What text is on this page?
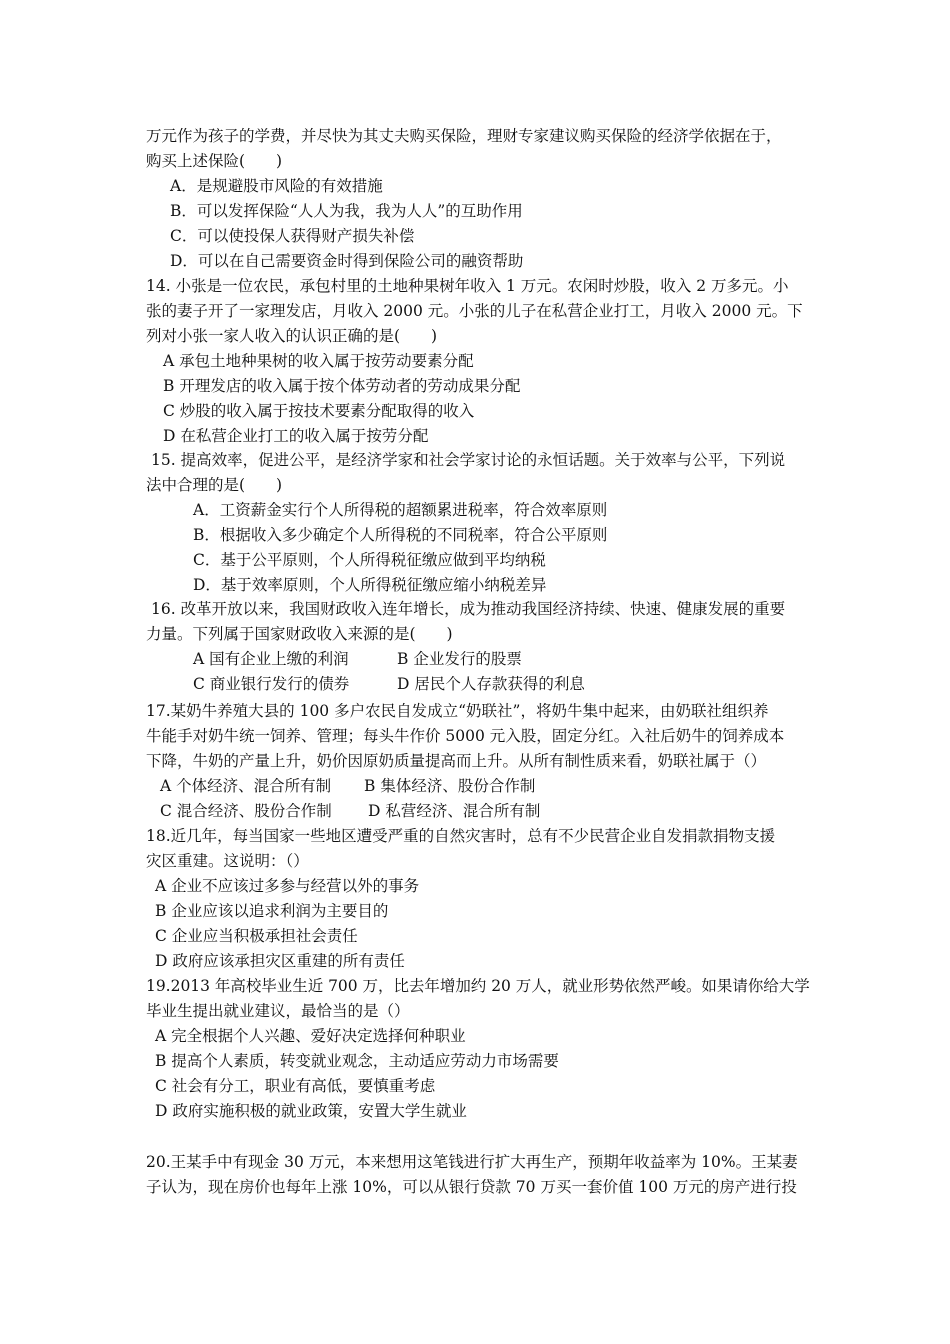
万元作为孩子的学费，并尽快为其丈夫购买保险，理财专家建议购买保险的经济学依据在于，
购买上述保险(　　)
A．是规避股市风险的有效措施
B．可以发挥保险“人人为我，我为人人”的互助作用
C．可以使投保人获得财产损失补偿
D．可以在自己需要资金时得到保险公司的融资帮助
14. 小张是一位农民，承包村里的土地种果树年收入 1 万元。农闲时炒股，收入 2 万多元。小
张的妻子开了一家理发店，月收入 2000 元。小张的儿子在私营企业打工，月收入 2000 元。下
列对小张一家人收入的认识正确的是(　　)
A 承包土地种果树的收入属于按劳动要素分配
B 开理发店的收入属于按个体劳动者的劳动成果分配
C 炒股的收入属于按技术要素分配取得的收入
D 在私营企业打工的收入属于按劳分配
15. 提高效率，促进公平，是经济学家和社会学家讨论的永恒话题。关于效率与公平，下列说
法中合理的是(　　)
A．工资薪金实行个人所得税的超额累进税率，符合效率原则
B．根据收入多少确定个人所得税的不同税率，符合公平原则
C．基于公平原则，个人所得税征缴应做到平均纳税
D．基于效率原则，个人所得税征缴应缩小纳税差异
16. 改革开放以来，我国财政收入连年增长，成为推动我国经济持续、快速、健康发展的重要
力量。下列属于国家财政收入来源的是(　　)
A 国有企业上缴的利润	B 企业发行的股票
C 商业银行发行的债券	D 居民个人存款获得的利息
17.某奶牛养殖大县的 100 多户农民自发成立“奶联社”，将奶牛集中起来，由奶联社组织养
牛能手对奶牛统一饲养、管理；每头牛作价 5000 元入股，固定分红。入社后奶牛的饲养成本
下降，牛奶的产量上升，奶价因原奶质量提高而上升。从所有制性质来看，奶联社属于（）
A 个体经济、混合所有制 B 集体经济、股份合作制
C 混合经济、股份合作制 D 私营经济、混合所有制
18.近几年，每当国家一些地区遭受严重的自然灾害时，总有不少民营企业自发捐款捐物支援
灾区重建。这说明：（）
A 企业不应该过多参与经营以外的事务
B 企业应该以追求利润为主要目的
C 企业应当积极承担社会责任
D 政府应该承担灾区重建的所有责任
19.2013 年高校毕业生近 700 万，比去年增加约 20 万人，就业形势依然严峻。如果请你给大学
毕业生提出就业建议，最恰当的是（）
A 完全根据个人兴趣、爱好决定选择何种职业
B 提高个人素质，转变就业观念，主动适应劳动力市场需要
C 社会有分工，职业有高低，要慎重考虑
D 政府实施积极的就业政策，安置大学生就业
20.王某手中有现金 30 万元，本来想用这笔钱进行扩大再生产，预期年收益率为 10%。王某妻
子认为，现在房价也每年上涨 10%，可以从银行贷款 70 万买一套价值 100 万元的房产进行投
